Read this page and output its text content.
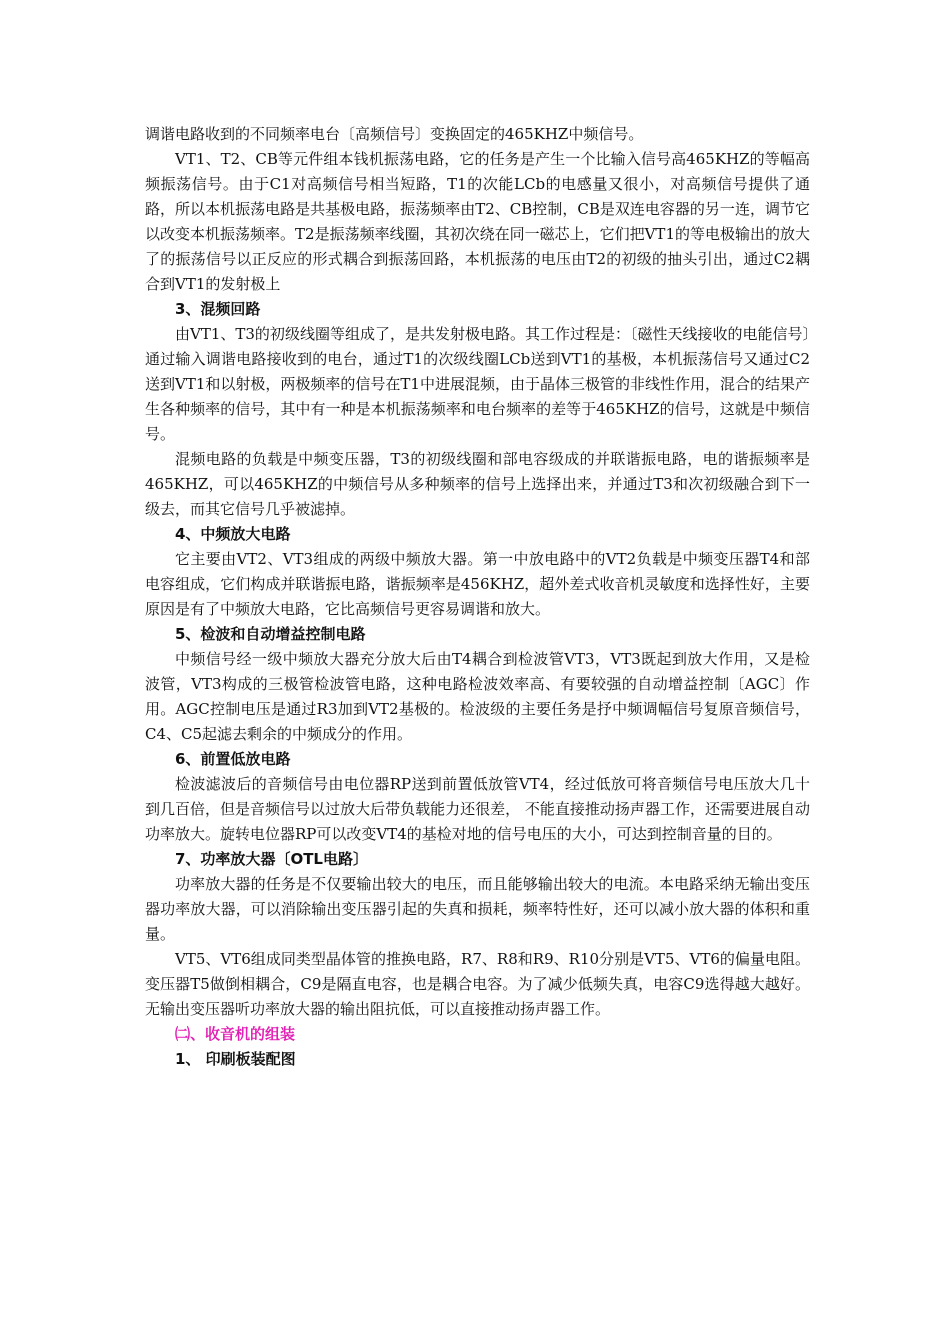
调谐电路收到的不同频率电台〔高频信号〕变换固定的465KHZ中频信号。

VT1、T2、CB等元件组本钱机振荡电路，它的任务是产生一个比输入信号高465KHZ的等幅高频振荡信号。由于C1对高频信号相当短路，T1的次能LCb的电感量又很小，对高频信号提供了通路，所以本机振荡电路是共基极电路，振荡频率由T2、CB控制，CB是双连电容器的另一连，调节它以改变本机振荡频率。T2是振荡频率线圈，其初次绕在同一磁芯上，它们把VT1的等电极输出的放大了的振荡信号以正反应的形式耦合到振荡回路，本机振荡的电压由T2的初级的抽头引出，通过C2耦合到VT1的发射极上

3、混频回路

由VT1、T3的初级线圈等组成了，是共发射极电路。其工作过程是：〔磁性天线接收的电能信号〕通过输入调谐电路接收到的电台，通过T1的次级线圈LCb送到VT1的基极，本机振荡信号又通过C2送到VT1和以射极，两极频率的信号在T1中进展混频，由于晶体三极管的非线性作用，混合的结果产生各种频率的信号，其中有一种是本机振荡频率和电台频率的差等于465KHZ的信号，这就是中频信号。

混频电路的负载是中频变压器，T3的初级线圈和部电容级成的并联谐振电路，电的谐振频率是465KHZ，可以465KHZ的中频信号从多种频率的信号上选择出来，并通过T3和次初级融合到下一级去，而其它信号几乎被滤掉。

4、中频放大电路

它主要由VT2、VT3组成的两级中频放大器。第一中放电路中的VT2负载是中频变压器T4和部电容组成，它们构成并联谐振电路，谐振频率是456KHZ，超外差式收音机灵敏度和选择性好，主要原因是有了中频放大电路，它比高频信号更容易调谐和放大。

5、检波和自动增益控制电路

中频信号经一级中频放大器充分放大后由T4耦合到检波管VT3，VT3既起到放大作用，又是检波管，VT3构成的三极管检波管电路，这种电路检波效率高、有要较强的自动增益控制〔AGC〕作用。AGC控制电压是通过R3加到VT2基极的。检波级的主要任务是抒中频调幅信号复原音频信号，C4、C5起滤去剩余的中频成分的作用。

6、前置低放电路

检波滤波后的音频信号由电位器RP送到前置低放管VT4，经过低放可将音频信号电压放大几十到几百倍，但是音频信号以过放大后带负载能力还很差， 不能直接推动扬声器工作，还需要进展自动功率放大。旋转电位器RP可以改变VT4的基检对地的信号电压的大小，可达到控制音量的目的。

7、功率放大器〔OTL电路〕

功率放大器的任务是不仅要输出较大的电压，而且能够输出较大的电流。本电路采纳无输出变压器功率放大器，可以消除输出变压器引起的失真和损耗，频率特性好，还可以减小放大器的体积和重量。

VT5、VT6组成同类型晶体管的推换电路，R7、R8和R9、R10分别是VT5、VT6的偏量电阻。变压器T5做倒相耦合，C9是隔直电容，也是耦合电容。为了减少低频失真，电容C9选得越大越好。无输出变压器听功率放大器的输出阻抗低，可以直接推动扬声器工作。

㈡、收音机的组装

1、 印刷板装配图
